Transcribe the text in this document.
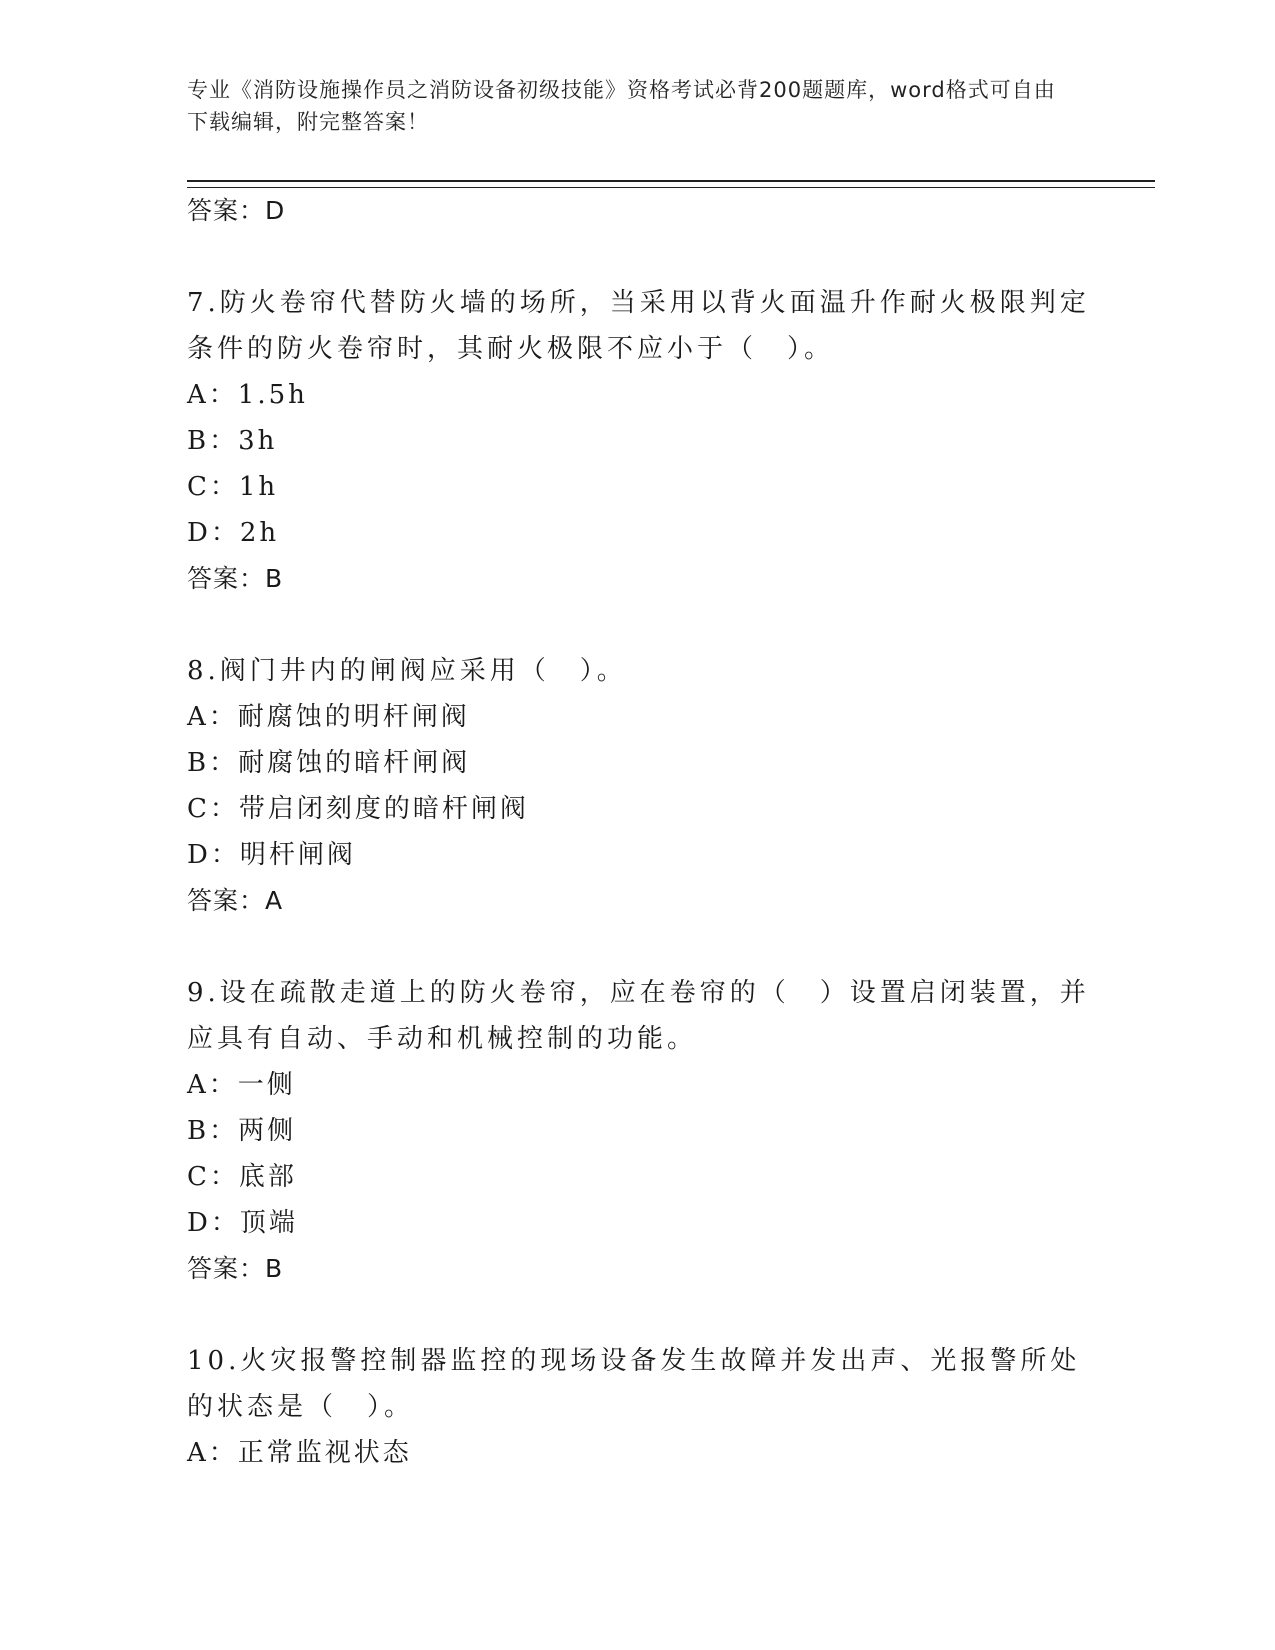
专业《消防设施操作员之消防设备初级技能》资格考试必背200题题库，word格式可自由下载编辑，附完整答案！

答案：D

7.防火卷帘代替防火墙的场所，当采用以背火面温升作耐火极限判定条件的防火卷帘时，其耐火极限不应小于（　）。

A：1.5h

B：3h

C：1h

D：2h

答案：B

8.阀门井内的闸阀应采用（　）。

A：耐腐蚀的明杆闸阀

B：耐腐蚀的暗杆闸阀

C：带启闭刻度的暗杆闸阀

D：明杆闸阀

答案：A

9.设在疏散走道上的防火卷帘，应在卷帘的（　）设置启闭装置，并应具有自动、手动和机械控制的功能。

A：一侧

B：两侧

C：底部

D：顶端

答案：B

10.火灾报警控制器监控的现场设备发生故障并发出声、光报警所处的状态是（　）。

A：正常监视状态
